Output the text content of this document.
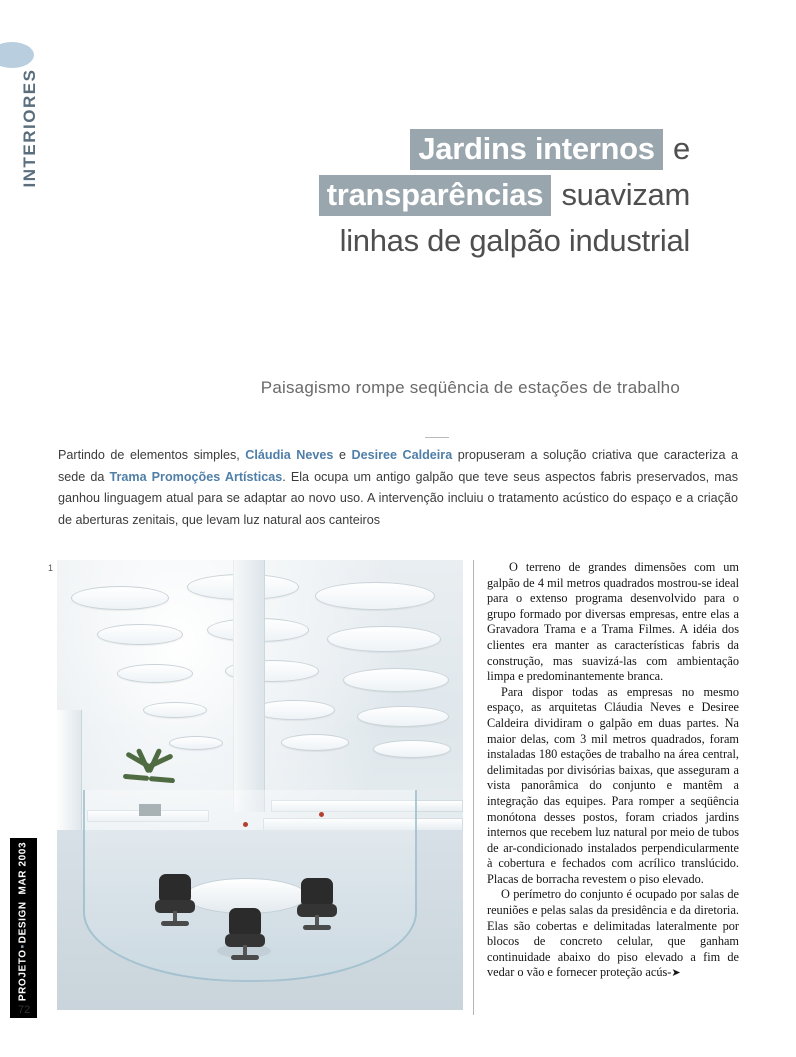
INTERIORES
PROJETO▪DESIGN  MAR 2003
72
Jardins internos e
transparências suavizam
linhas de galpão industrial
Paisagismo rompe seqüência de estações de trabalho
Partindo de elementos simples, Cláudia Neves e Desiree Caldeira propuseram a solução criativa que caracteriza a sede da Trama Promoções Artísticas. Ela ocupa um antigo galpão que teve seus aspectos fabris preservados, mas ganhou linguagem atual para se adaptar ao novo uso. A intervenção incluiu o tratamento acústico do espaço e a criação de aberturas zenitais, que levam luz natural aos canteiros
1	O terreno de grandes dimensões com um galpão de 4 mil metros quadrados mostrou-se ideal para o extenso programa desenvolvido para o grupo formado por diversas empresas, entre elas a Gravadora Trama e a Trama Filmes. A idéia dos clientes era manter as características fabris da construção, mas suavizá-las com ambientação limpa e predominantemente branca.

Para dispor todas as empresas no mesmo espaço, as arquitetas Cláudia Neves e Desiree Caldeira dividiram o galpão em duas partes. Na maior delas, com 3 mil metros quadrados, foram instaladas 180 estações de trabalho na área central, delimitadas por divisórias baixas, que asseguram a vista panorâmica do conjunto e mantêm a integração das equipes. Para romper a seqüência monótona desses postos, foram criados jardins internos que recebem luz natural por meio de tubos de ar-condicionado instalados perpendicularmente à cobertura e fechados com acrílico translúcido. Placas de borracha revestem o piso elevado.

O perímetro do conjunto é ocupado por salas de reuniões e pelas salas da presidência e da diretoria. Elas são cobertas e delimitadas lateralmente por blocos de concreto celular, que ganham continuidade abaixo do piso elevado a fim de vedar o vão e fornecer proteção acús-➤
